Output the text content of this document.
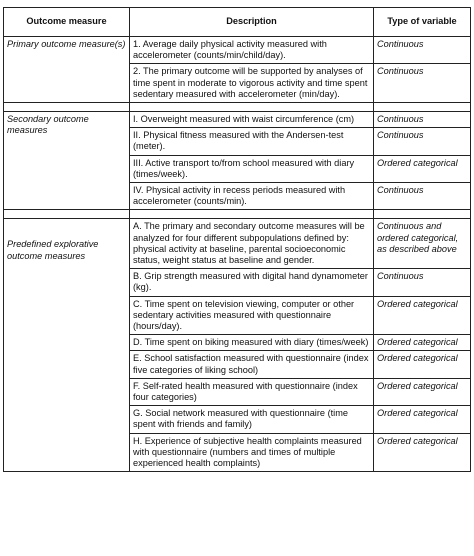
Outcome measure	Description	Type of variable
Primary outcome measure(s)	1. Average daily physical activity measured with accelerometer (counts/min/child/day).	Continuous
	2. The primary outcome will be supported by analyses of time spent in moderate to vigorous activity and time spent sedentary measured with accelerometer (min/day).	Continuous

Secondary outcome measures	I. Overweight measured with waist circumference (cm)	Continuous
	II. Physical fitness measured with the Andersen-test (meter).	Continuous
	III. Active transport to/from school measured with diary (times/week).	Ordered categorical
	IV. Physical activity in recess periods measured with accelerometer (counts/min).	Continuous

Predefined explorative outcome measures	A. The primary and secondary outcome measures will be analyzed for four different subpopulations defined by: physical activity at baseline, parental socioeconomic status, weight status at baseline and gender.	Continuous and ordered categorical, as described above
	B. Grip strength measured with digital hand dynamometer (kg).	Continuous
	C. Time spent on television viewing, computer or other sedentary activities measured with questionnaire (hours/day).	Ordered categorical
	D. Time spent on biking measured with diary (times/week)	Ordered categorical
	E. School satisfaction measured with questionnaire (index five categories of liking school)	Ordered categorical
	F. Self-rated health measured with questionnaire (index four categories)	Ordered categorical
	G. Social network measured with questionnaire (time spent with friends and family)	Ordered categorical
	H. Experience of subjective health complaints measured with questionnaire (numbers and times of multiple experienced health complaints)	Ordered categorical
